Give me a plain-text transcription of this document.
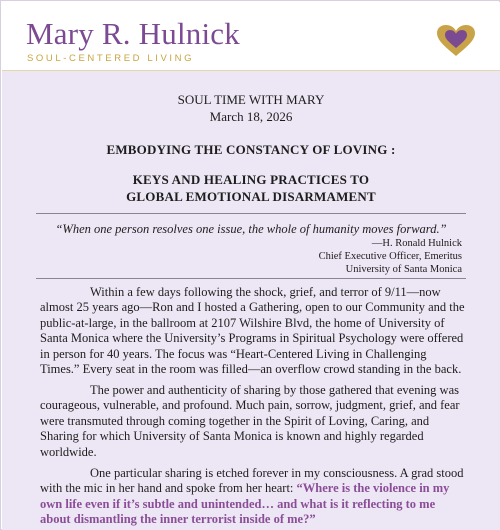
Mary R. Hulnick
SOUL-CENTERED LIVING
SOUL TIME WITH MARY
March 18, 2026
EMBODYING THE CONSTANCY OF LOVING :
KEYS AND HEALING PRACTICES TO
GLOBAL EMOTIONAL DISARMAMENT
“When one person resolves one issue, the whole of humanity moves forward.”
—H. Ronald Hulnick
Chief Executive Officer, Emeritus
University of Santa Monica

Within a few days following the shock, grief, and terror of 9/11—now almost 25 years ago—Ron and I hosted a Gathering, open to our Community and the public-at-large, in the ballroom at 2107 Wilshire Blvd, the home of University of Santa Monica where the University’s Programs in Spiritual Psychology were offered in person for 40 years. The focus was “Heart-Centered Living in Challenging Times.” Every seat in the room was filled—an overflow crowd standing in the back.

The power and authenticity of sharing by those gathered that evening was courageous, vulnerable, and profound. Much pain, sorrow, judgment, grief, and fear were transmuted through coming together in the Spirit of Loving, Caring, and Sharing for which University of Santa Monica is known and highly regarded worldwide.

One particular sharing is etched forever in my consciousness. A grad stood with the mic in her hand and spoke from her heart: “Where is the violence in my own life even if it’s subtle and unintended… and what is it reflecting to me about dismantling the inner terrorist inside of me?”
